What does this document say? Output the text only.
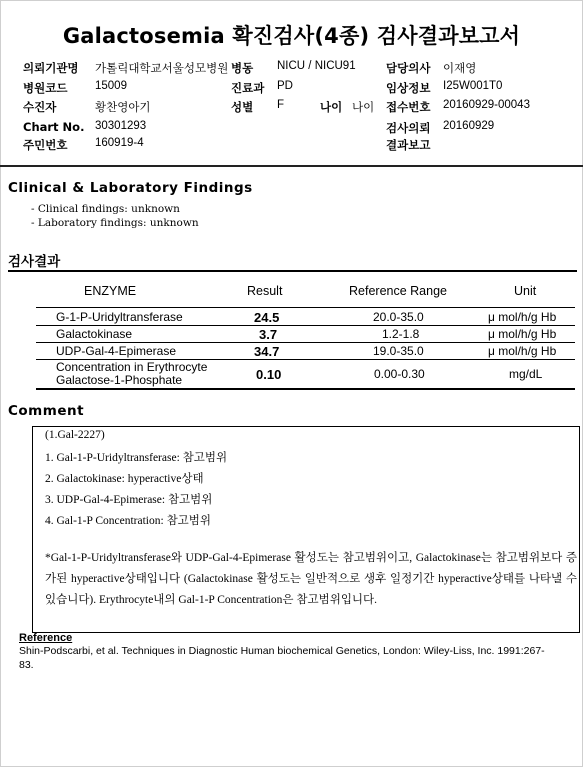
Galactosemia 확진검사(4종) 검사결과보고서
의뢰기관명 가톨릭대학교서울성모병원 병동 NICU / NICU91	담당의사 이재영
병원코드 15009	진료과 PD	임상정보 I25W001T0
수진자	황찬영아기	성별 F	나이 나이 접수번호 20160929-00043
Chart No. 30301293	검사의뢰 20160929
주민번호 160919-4	결과보고
Clinical & Laboratory Findings
- Clinical findings: unknown
- Laboratory findings: unknown
검사결과
ENZYME	Result	Reference Range	Unit
G-1-P-Uridyltransferase	24.5	20.0-35.0	μ mol/h/g Hb
Galactokinase	3.7	1.2-1.8	μ mol/h/g Hb
UDP-Gal-4-Epimerase	34.7	19.0-35.0	μ mol/h/g Hb
Concentration in Erythrocyte
Galactose-1-Phosphate	0.10	0.00-0.30	mg/dL
Comment
(1.Gal-2227)
1. Gal-1-P-Uridyltransferase: 참고범위
2. Galactokinase: hyperactive상태
3. UDP-Gal-4-Epimerase: 참고범위
4. Gal-1-P Concentration: 참고범위
*Gal-1-P-Uridyltransferase와 UDP-Gal-4-Epimerase 활성도는 참고범위이고, Galactokinase는 참고범위보다 증가된 hyperactive상태입니다 (Galactokinase 활성도는 일반적으로 생후 일정기간 hyperactive상태를 나타낼 수 있습니다). Erythrocyte내의 Gal-1-P Concentration은 참고범위입니다.
Reference
Shin-Podscarbi, et al. Techniques in Diagnostic Human biochemical Genetics, London: Wiley-Liss, Inc. 1991:267-83.
